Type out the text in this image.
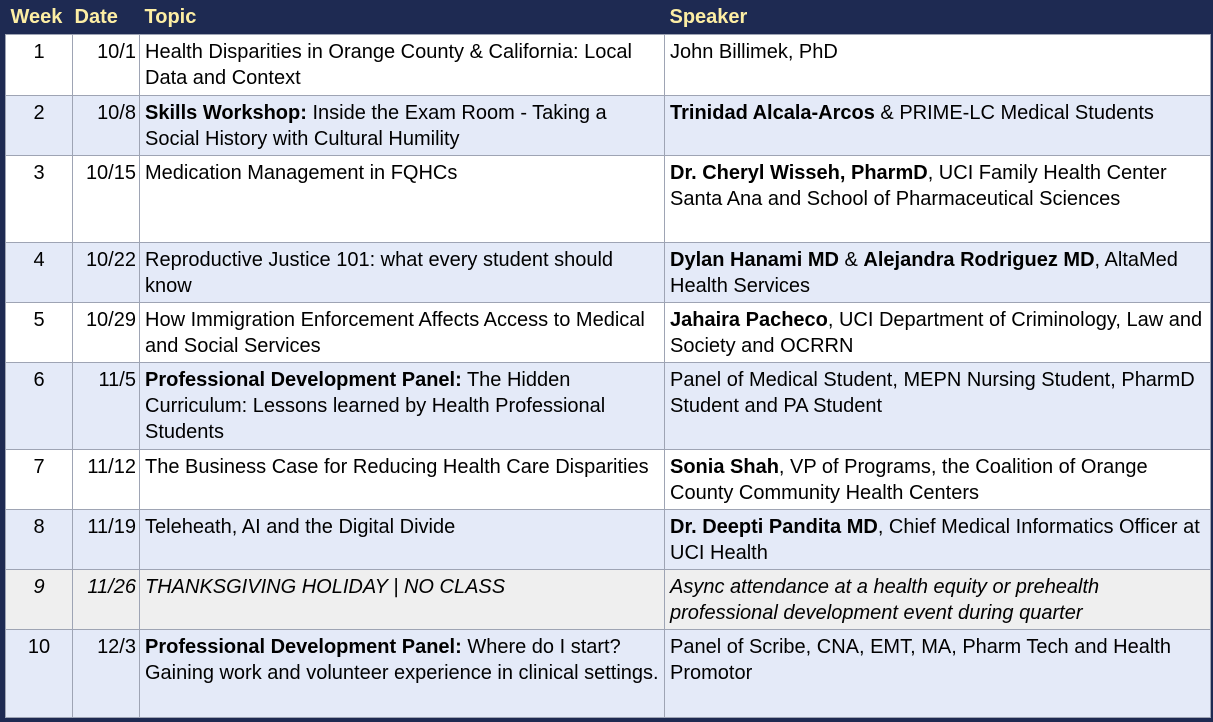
Week	Date	Topic	Speaker
1	10/1	Health Disparities in Orange County & California: Local Data and Context	John Billimek, PhD
2	10/8	Skills Workshop: Inside the Exam Room - Taking a Social History with Cultural Humility	Trinidad Alcala-Arcos & PRIME-LC Medical Students
3	10/15	Medication Management in FQHCs	Dr. Cheryl Wisseh, PharmD, UCI Family Health Center Santa Ana and School of Pharmaceutical Sciences
4	10/22	Reproductive Justice 101: what every student should know	Dylan Hanami MD & Alejandra Rodriguez MD, AltaMed Health Services
5	10/29	How Immigration Enforcement Affects Access to Medical and Social Services	Jahaira Pacheco, UCI Department of Criminology, Law and Society and OCRRN
6	11/5	Professional Development Panel: The Hidden Curriculum: Lessons learned by Health Professional Students	Panel of Medical Student, MEPN Nursing Student, PharmD Student and PA Student
7	11/12	The Business Case for Reducing Health Care Disparities	Sonia Shah, VP of Programs, the Coalition of Orange County Community Health Centers
8	11/19	Teleheath, AI and the Digital Divide	Dr. Deepti Pandita MD, Chief Medical Informatics Officer at UCI Health
9	11/26	THANKSGIVING HOLIDAY | NO CLASS	Async attendance at a health equity or prehealth professional development event during quarter
10	12/3	Professional Development Panel: Where do I start? Gaining work and volunteer experience in clinical settings.	Panel of Scribe, CNA, EMT, MA, Pharm Tech and Health Promotor
